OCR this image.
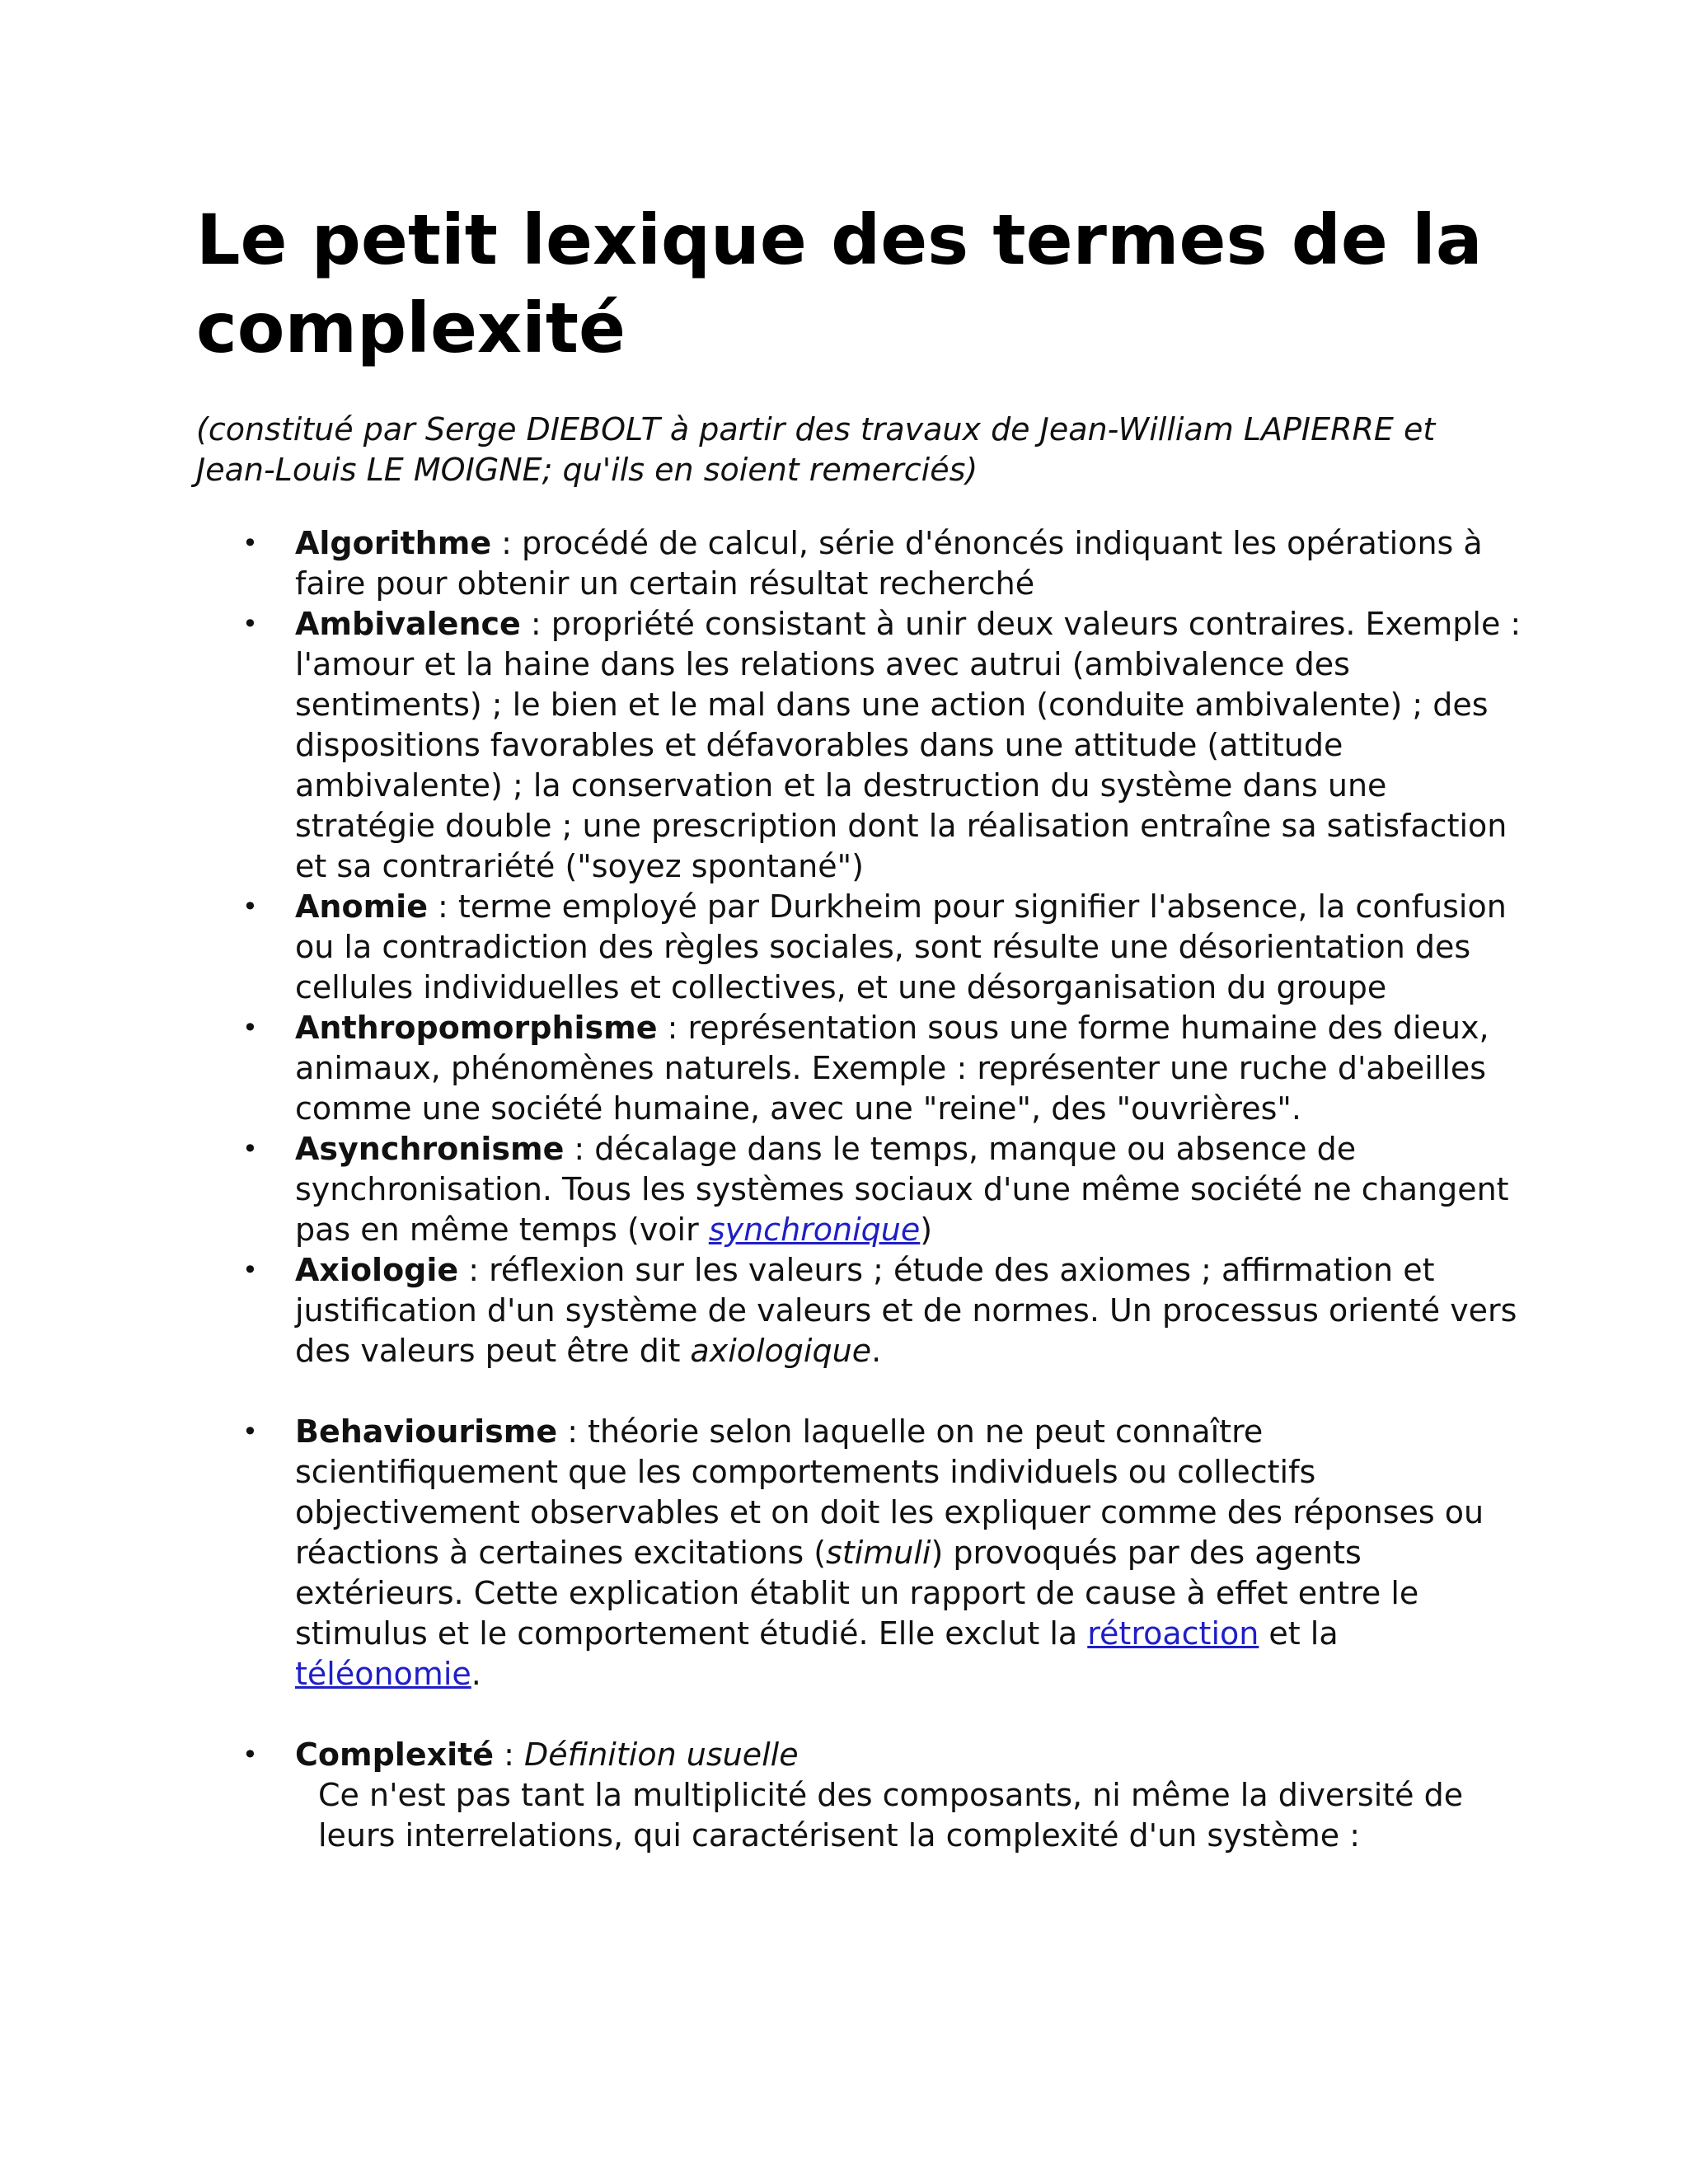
Le petit lexique des termes de la complexité

(constitué par Serge DIEBOLT à partir des travaux de Jean-William LAPIERRE et Jean-Louis LE MOIGNE; qu'ils en soient remerciés)

• Algorithme : procédé de calcul, série d'énoncés indiquant les opérations à faire pour obtenir un certain résultat recherché
• Ambivalence : propriété consistant à unir deux valeurs contraires. Exemple : l'amour et la haine dans les relations avec autrui (ambivalence des sentiments) ; le bien et le mal dans une action (conduite ambivalente) ; des dispositions favorables et défavorables dans une attitude (attitude ambivalente) ; la conservation et la destruction du système dans une stratégie double ; une prescription dont la réalisation entraîne sa satisfaction et sa contrariété ("soyez spontané")
• Anomie : terme employé par Durkheim pour signifier l'absence, la confusion ou la contradiction des règles sociales, sont résulte une désorientation des cellules individuelles et collectives, et une désorganisation du groupe
• Anthropomorphisme : représentation sous une forme humaine des dieux, animaux, phénomènes naturels. Exemple : représenter une ruche d'abeilles comme une société humaine, avec une "reine", des "ouvrières".
• Asynchronisme : décalage dans le temps, manque ou absence de synchronisation. Tous les systèmes sociaux d'une même société ne changent pas en même temps (voir synchronique)
• Axiologie : réflexion sur les valeurs ; étude des axiomes ; affirmation et justification d'un système de valeurs et de normes. Un processus orienté vers des valeurs peut être dit axiologique.
• Behaviourisme : théorie selon laquelle on ne peut connaître scientifiquement que les comportements individuels ou collectifs objectivement observables et on doit les expliquer comme des réponses ou réactions à certaines excitations (stimuli) provoqués par des agents extérieurs. Cette explication établit un rapport de cause à effet entre le stimulus et le comportement étudié. Elle exclut la rétroaction et la téléonomie.
• Complexité : Définition usuelle
Ce n'est pas tant la multiplicité des composants, ni même la diversité de leurs interrelations, qui caractérisent la complexité d'un système :
